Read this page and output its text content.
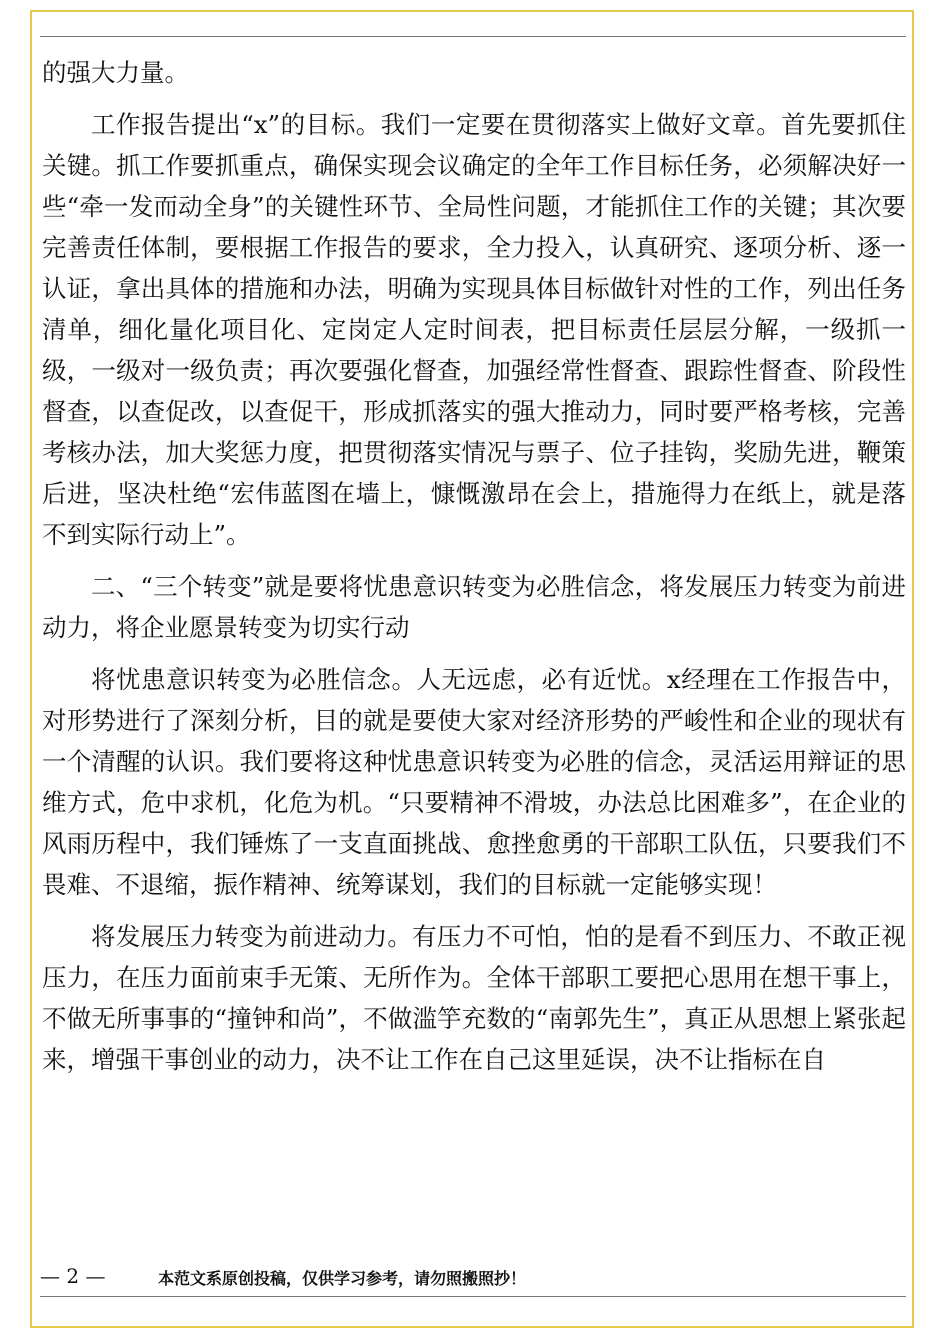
的强大力量。

工作报告提出“x”的目标。我们一定要在贯彻落实上做好文章。首先要抓住关键。抓工作要抓重点，确保实现会议确定的全年工作目标任务，必须解决好一些“牵一发而动全身”的关键性环节、全局性问题，才能抓住工作的关键；其次要完善责任体制，要根据工作报告的要求，全力投入，认真研究、逐项分析、逐一认证，拿出具体的措施和办法，明确为实现具体目标做针对性的工作，列出任务清单，细化量化项目化、定岗定人定时间表，把目标责任层层分解，一级抓一级，一级对一级负责；再次要强化督查，加强经常性督查、跟踪性督查、阶段性督查，以查促改，以查促干，形成抓落实的强大推动力，同时要严格考核，完善考核办法，加大奖惩力度，把贯彻落实情况与票子、位子挂钩，奖励先进，鞭策后进，坚决杜绝“宏伟蓝图在墙上，慷慨激昂在会上，措施得力在纸上，就是落不到实际行动上”。

二、“三个转变”就是要将忧患意识转变为必胜信念，将发展压力转变为前进动力，将企业愿景转变为切实行动

将忧患意识转变为必胜信念。人无远虑，必有近忧。x经理在工作报告中，对形势进行了深刻分析，目的就是要使大家对经济形势的严峻性和企业的现状有一个清醒的认识。我们要将这种忧患意识转变为必胜的信念，灵活运用辩证的思维方式，危中求机，化危为机。“只要精神不滑坡，办法总比困难多”，在企业的风雨历程中，我们锤炼了一支直面挑战、愈挫愈勇的干部职工队伍，只要我们不畏难、不退缩，振作精神、统筹谋划，我们的目标就一定能够实现！

将发展压力转变为前进动力。有压力不可怕，怕的是看不到压力、不敢正视压力，在压力面前束手无策、无所作为。全体干部职工要把心思用在想干事上，不做无所事事的“撞钟和尚”，不做滥竽充数的“南郭先生”，真正从思想上紧张起来，增强干事创业的动力，决不让工作在自己这里延误，决不让指标在自

— 2 —	本范文系原创投稿，仅供学习参考，请勿照搬照抄！
